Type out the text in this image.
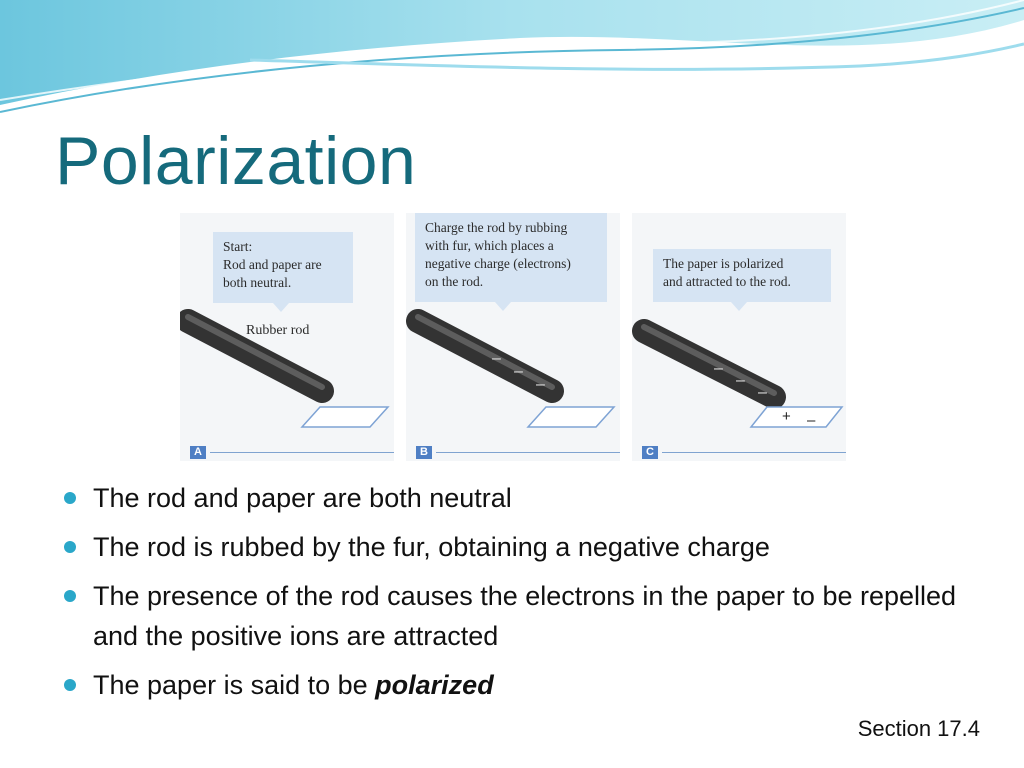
Polarization
Start:
Rod and paper are
both neutral.
Rubber rod
A
Charge the rod by rubbing
with fur, which places a
negative charge (electrons)
on the rod.
–
–
–
B
The paper is polarized
and attracted to the rod.
–
–
–
+ –
C
The rod and paper are both neutral
The rod is rubbed by the fur, obtaining a negative charge
The presence of the rod causes the electrons in the paper to be repelled and the positive ions are attracted
The paper is said to be polarized
Section 17.4
